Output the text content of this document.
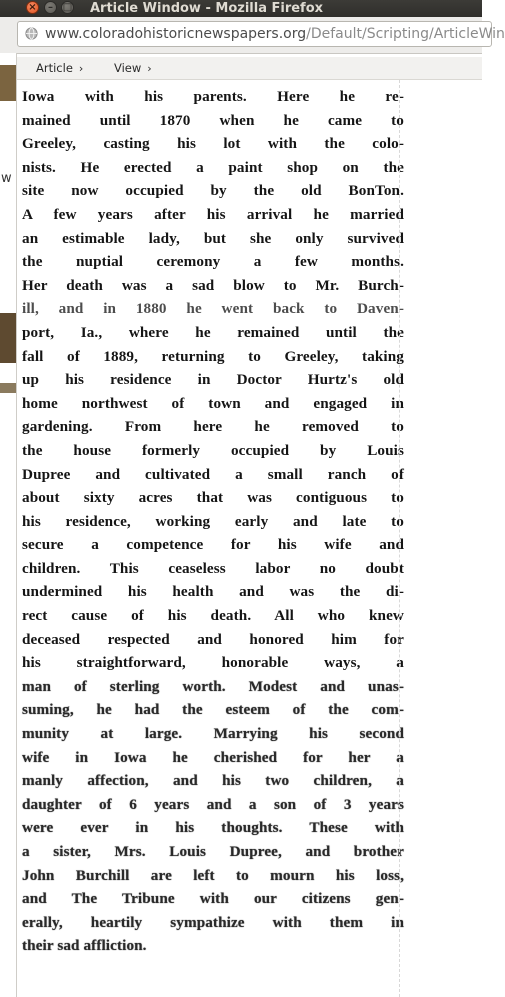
×	– □ Article Window - Mozilla Firefox
www.coloradohistoricnewspapers.org/Default/Scripting/ArticleWin
w
Article ›	View ›
Iowa with his parents. Here he re-
mained until 1870 when he came to
Greeley, casting his lot with the colo-
nists. He erected a paint shop on the
site now occupied by the old BonTon.
A few years after his arrival he married
an estimable lady, but she only survived
the nuptial ceremony a few months.
Her death was a sad blow to Mr. Burch-
ill, and in 1880 he went back to Daven-
port, Ia., where he remained until the
fall of 1889, returning to Greeley, taking
up his residence in Doctor Hurtz's old
home northwest of town and engaged in
gardening. From here he removed to
the house formerly occupied by Louis
Dupree and cultivated a small ranch of
about sixty acres that was contiguous to
his residence, working early and late to
secure a competence for his wife and
children. This ceaseless labor no doubt
undermined his health and was the di-
rect cause of his death. All who knew
deceased respected and honored him for
his straightforward, honorable ways, a
man of sterling worth. Modest and unas-
suming, he had the esteem of the com-
munity at large. Marrying his second
wife in Iowa he cherished for her a
manly affection, and his two children, a
daughter of 6 years and a son of 3 years
were ever in his thoughts. These with
a sister, Mrs. Louis Dupree, and brother
John Burchill are left to mourn his loss,
and The Tribune with our citizens gen-
erally, heartily sympathize with them in
their sad affliction.
